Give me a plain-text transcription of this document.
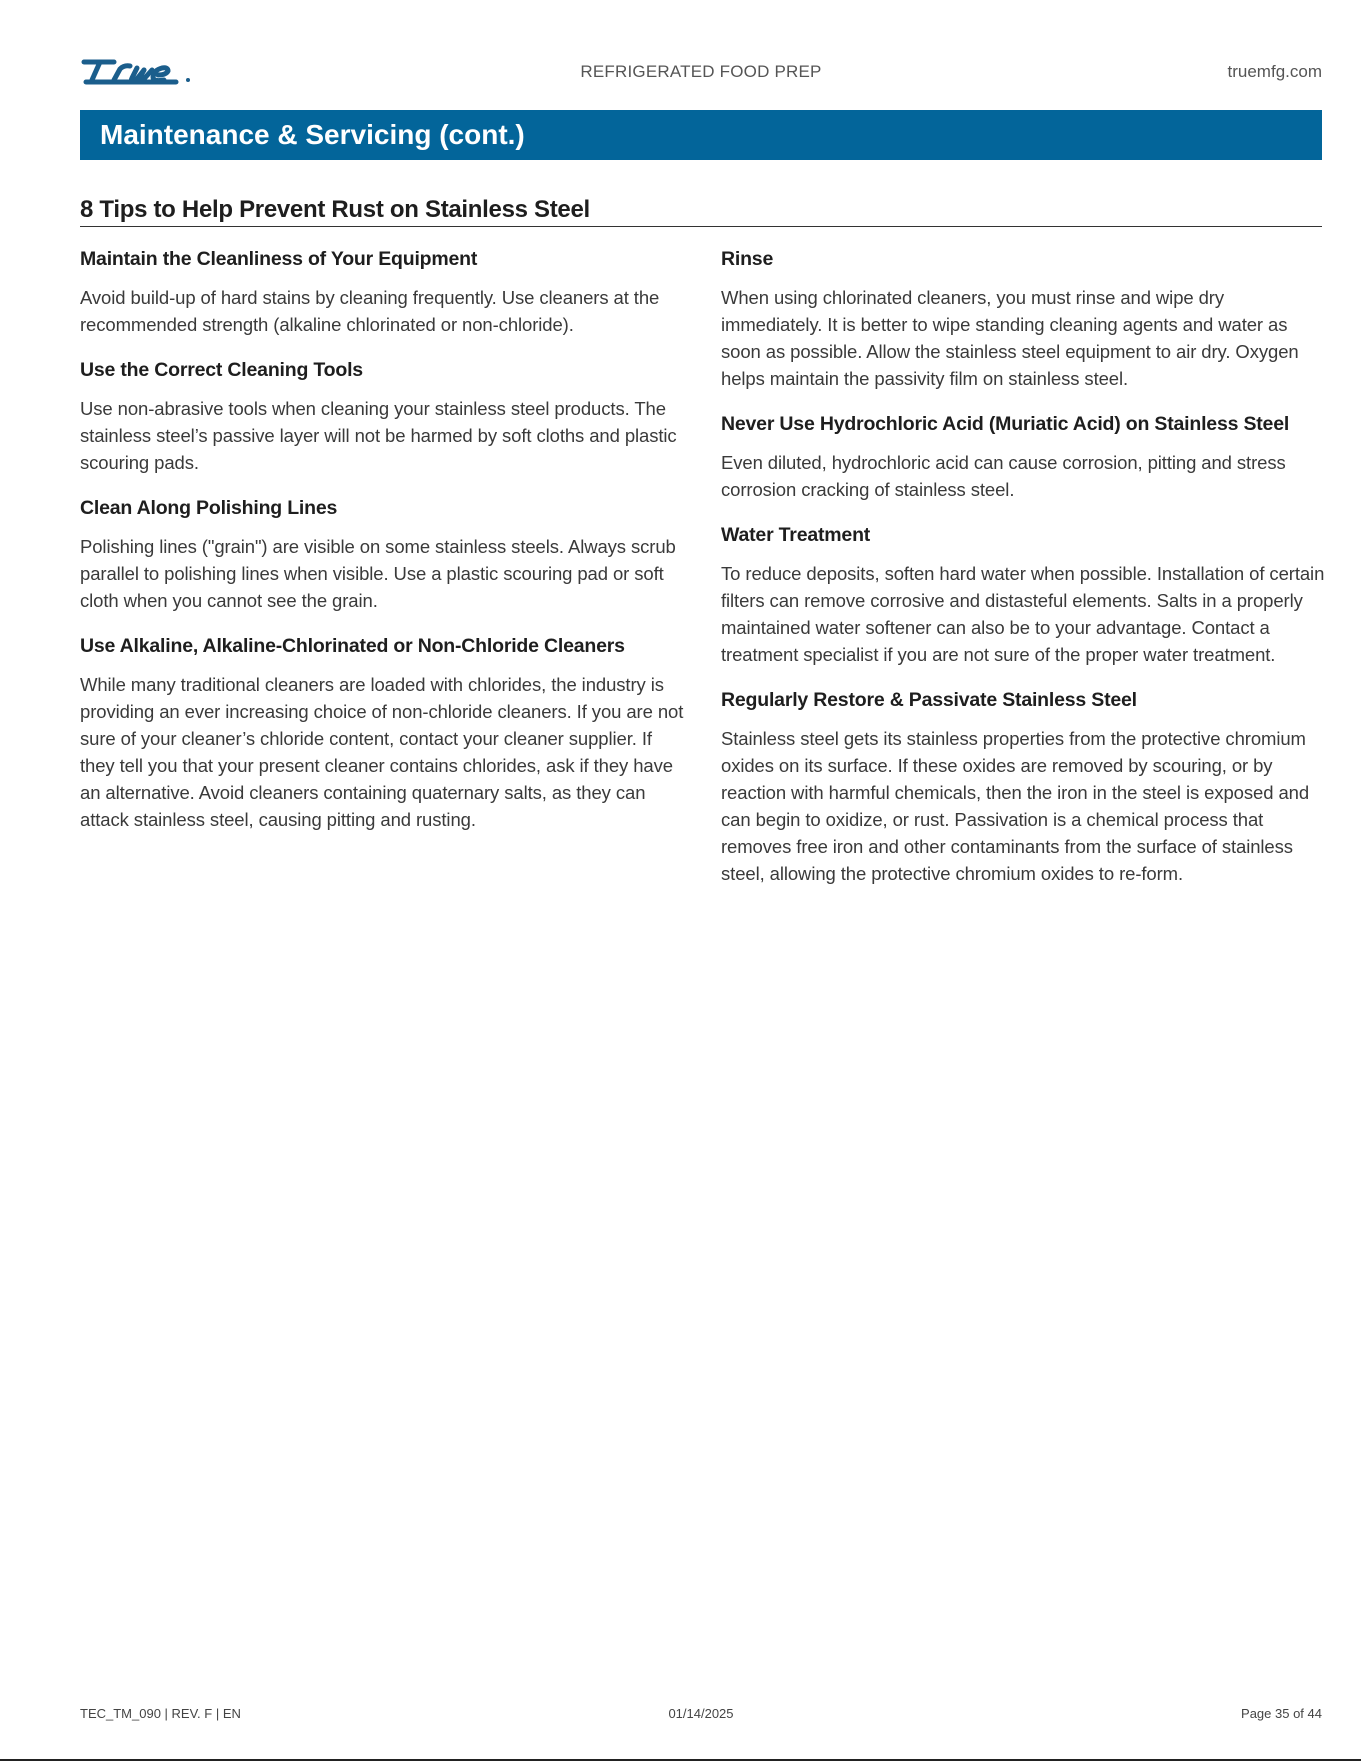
REFRIGERATED FOOD PREP	truemfg.com
Maintenance & Servicing (cont.)
8 Tips to Help Prevent Rust on Stainless Steel
Maintain the Cleanliness of Your Equipment

Avoid build-up of hard stains by cleaning frequently. Use cleaners at the recommended strength (alkaline chlorinated or non-chloride).

Use the Correct Cleaning Tools

Use non-abrasive tools when cleaning your stainless steel products. The stainless steel’s passive layer will not be harmed by soft cloths and plastic scouring pads.

Clean Along Polishing Lines

Polishing lines ("grain") are visible on some stainless steels. Always scrub parallel to polishing lines when visible. Use a plastic scouring pad or soft cloth when you cannot see the grain.

Use Alkaline, Alkaline-Chlorinated or Non-Chloride Cleaners

While many traditional cleaners are loaded with chlorides, the industry is providing an ever increasing choice of non-chloride cleaners. If you are not sure of your cleaner’s chloride content, contact your cleaner supplier. If they tell you that your present cleaner contains chlorides, ask if they have an alternative. Avoid cleaners containing quaternary salts, as they can attack stainless steel, causing pitting and rusting.

Rinse

When using chlorinated cleaners, you must rinse and wipe dry immediately. It is better to wipe standing cleaning agents and water as soon as possible. Allow the stainless steel equipment to air dry. Oxygen helps maintain the passivity film on stainless steel.

Never Use Hydrochloric Acid (Muriatic Acid) on Stainless Steel

Even diluted, hydrochloric acid can cause corrosion, pitting and stress corrosion cracking of stainless steel.

Water Treatment

To reduce deposits, soften hard water when possible. Installation of certain filters can remove corrosive and distasteful elements. Salts in a properly maintained water softener can also be to your advantage. Contact a treatment specialist if you are not sure of the proper water treatment.

Regularly Restore & Passivate Stainless Steel

Stainless steel gets its stainless properties from the protective chromium oxides on its surface. If these oxides are removed by scouring, or by reaction with harmful chemicals, then the iron in the steel is exposed and can begin to oxidize, or rust. Passivation is a chemical process that removes free iron and other contaminants from the surface of stainless steel, allowing the protective chromium oxides to re-form.

TEC_TM_090 | REV. F | EN	01/14/2025	Page 35 of 44
